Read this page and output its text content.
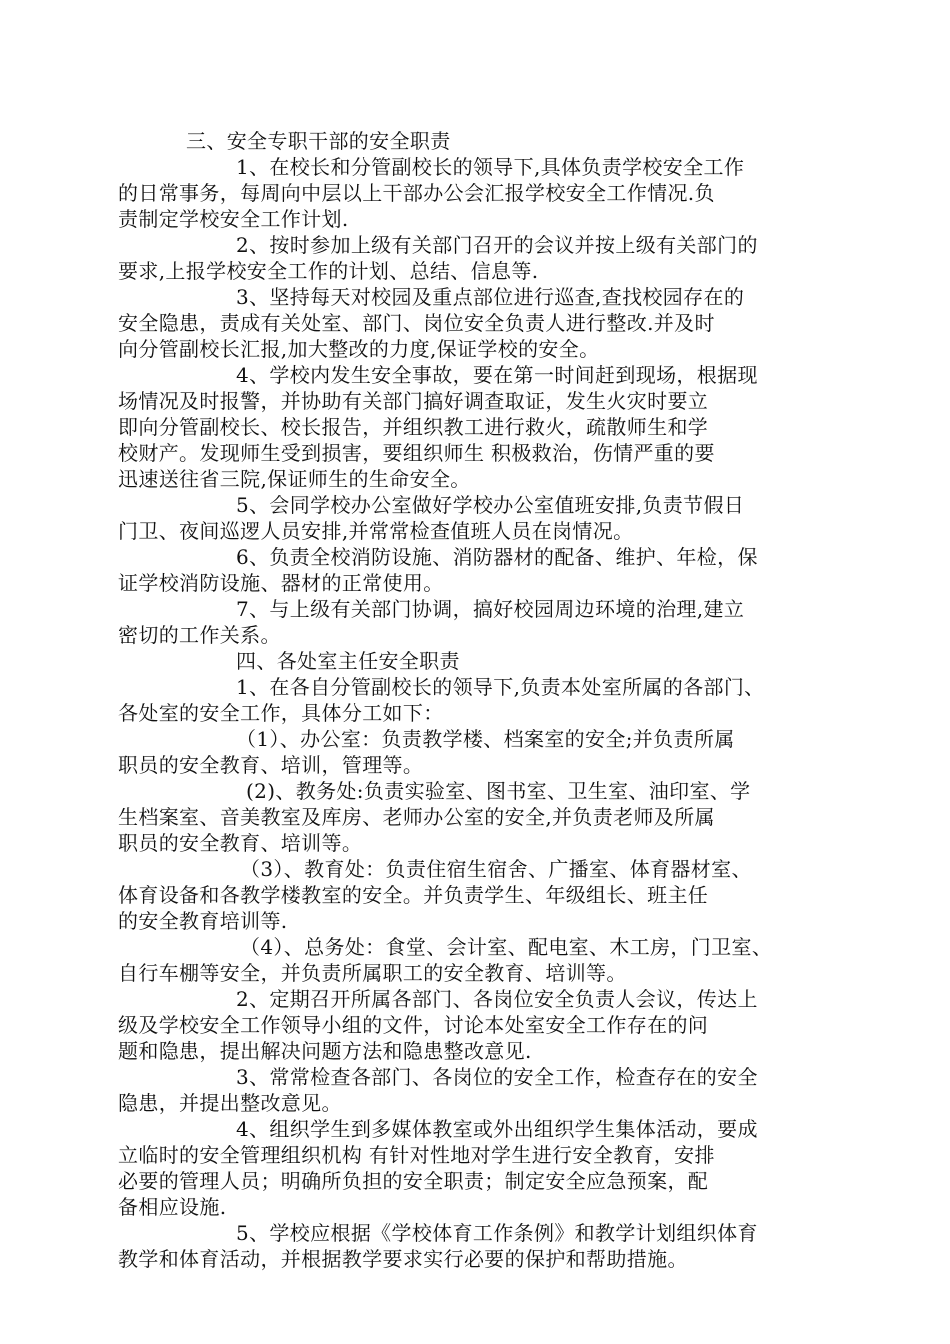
三、安全专职干部的安全职责
1、在校长和分管副校长的领导下,具体负责学校安全工作
的日常事务，每周向中层以上干部办公会汇报学校安全工作情况.负
责制定学校安全工作计划.
2、按时参加上级有关部门召开的会议并按上级有关部门的
要求,上报学校安全工作的计划、总结、信息等.
3、坚持每天对校园及重点部位进行巡查,查找校园存在的
安全隐患，责成有关处室、部门、岗位安全负责人进行整改.并及时
向分管副校长汇报,加大整改的力度,保证学校的安全。
4、学校内发生安全事故，要在第一时间赶到现场，根据现
场情况及时报警，并协助有关部门搞好调查取证，发生火灾时要立
即向分管副校长、校长报告，并组织教工进行救火，疏散师生和学
校财产。发现师生受到损害，要组织师生 积极救治，伤情严重的要
迅速送往省三院,保证师生的生命安全。
5、会同学校办公室做好学校办公室值班安排,负责节假日
门卫、夜间巡逻人员安排,并常常检查值班人员在岗情况。
6、负责全校消防设施、消防器材的配备、维护、年检，保
证学校消防设施、器材的正常使用。
7、与上级有关部门协调，搞好校园周边环境的治理,建立
密切的工作关系。
四、各处室主任安全职责
1、在各自分管副校长的领导下,负责本处室所属的各部门、
各处室的安全工作，具体分工如下：
（1）、办公室：负责教学楼、档案室的安全;并负责所属
职员的安全教育、培训，管理等。
(2)、教务处:负责实验室、图书室、卫生室、油印室、学
生档案室、音美教室及库房、老师办公室的安全,并负责老师及所属
职员的安全教育、培训等。
（3）、教育处：负责住宿生宿舍、广播室、体育器材室、
体育设备和各教学楼教室的安全。并负责学生、年级组长、班主任
的安全教育培训等.
（4）、总务处：食堂、会计室、配电室、木工房，门卫室、
自行车棚等安全，并负责所属职工的安全教育、培训等。
2、定期召开所属各部门、各岗位安全负责人会议，传达上
级及学校安全工作领导小组的文件，讨论本处室安全工作存在的问
题和隐患，提出解决问题方法和隐患整改意见.
3、常常检查各部门、各岗位的安全工作，检查存在的安全
隐患，并提出整改意见。
4、组织学生到多媒体教室或外出组织学生集体活动，要成
立临时的安全管理组织机构 有针对性地对学生进行安全教育，安排
必要的管理人员；明确所负担的安全职责；制定安全应急预案，配
备相应设施.
5、学校应根据《学校体育工作条例》和教学计划组织体育
教学和体育活动，并根据教学要求实行必要的保护和帮助措施。
